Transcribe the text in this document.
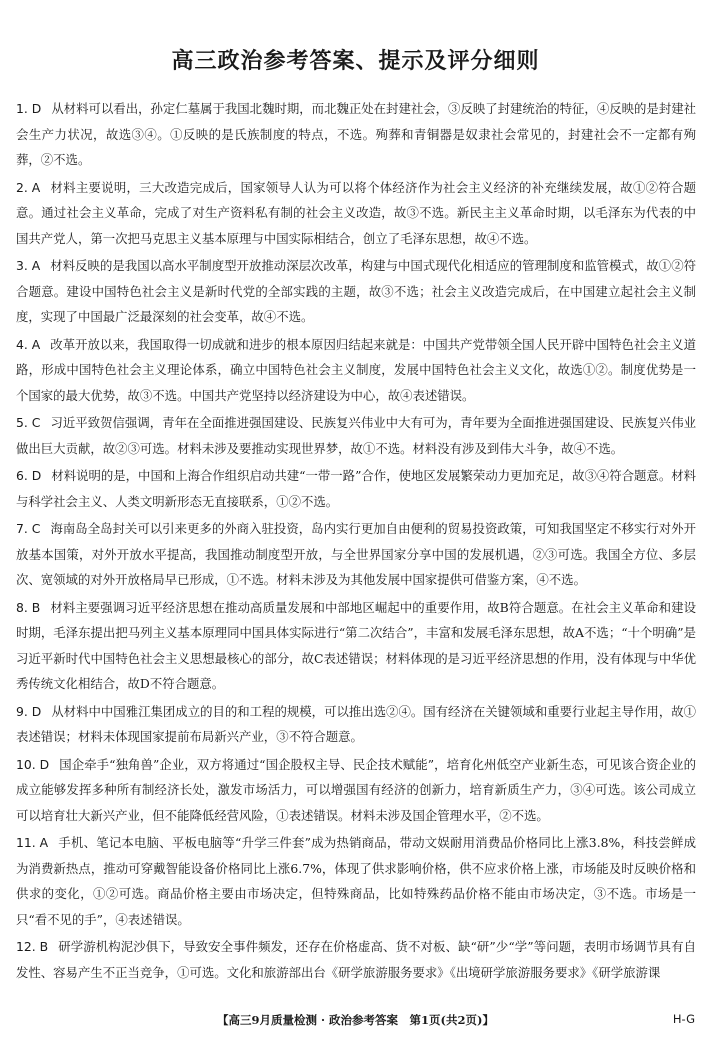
高三政治参考答案、提示及评分细则

1. D 从材料可以看出，孙定仁墓属于我国北魏时期，而北魏正处在封建社会，③反映了封建统治的特征，④反映的是封建社会生产力状况，故选③④。①反映的是氏族制度的特点，不选。殉葬和青铜器是奴隶社会常见的，封建社会不一定都有殉葬，②不选。

2. A 材料主要说明，三大改造完成后，国家领导人认为可以将个体经济作为社会主义经济的补充继续发展，故①②符合题意。通过社会主义革命，完成了对生产资料私有制的社会主义改造，故③不选。新民主主义革命时期，以毛泽东为代表的中国共产党人，第一次把马克思主义基本原理与中国实际相结合，创立了毛泽东思想，故④不选。

3. A 材料反映的是我国以高水平制度型开放推动深层次改革，构建与中国式现代化相适应的管理制度和监管模式，故①②符合题意。建设中国特色社会主义是新时代党的全部实践的主题，故③不选；社会主义改造完成后，在中国建立起社会主义制度，实现了中国最广泛最深刻的社会变革，故④不选。

4. A 改革开放以来，我国取得一切成就和进步的根本原因归结起来就是：中国共产党带领全国人民开辟中国特色社会主义道路，形成中国特色社会主义理论体系，确立中国特色社会主义制度，发展中国特色社会主义文化，故选①②。制度优势是一个国家的最大优势，故③不选。中国共产党坚持以经济建设为中心，故④表述错误。

5. C 习近平致贺信强调，青年在全面推进强国建设、民族复兴伟业中大有可为，青年要为全面推进强国建设、民族复兴伟业做出巨大贡献，故②③可选。材料未涉及要推动实现世界梦，故①不选。材料没有涉及到伟大斗争，故④不选。

6. D 材料说明的是，中国和上海合作组织启动共建“一带一路”合作，使地区发展繁荣动力更加充足，故③④符合题意。材料与科学社会主义、人类文明新形态无直接联系，①②不选。

7. C 海南岛全岛封关可以引来更多的外商入驻投资，岛内实行更加自由便利的贸易投资政策，可知我国坚定不移实行对外开放基本国策，对外开放水平提高，我国推动制度型开放，与全世界国家分享中国的发展机遇，②③可选。我国全方位、多层次、宽领域的对外开放格局早已形成，①不选。材料未涉及为其他发展中国家提供可借鉴方案，④不选。

8. B 材料主要强调习近平经济思想在推动高质量发展和中部地区崛起中的重要作用，故B符合题意。在社会主义革命和建设时期，毛泽东提出把马列主义基本原理同中国具体实际进行“第二次结合”，丰富和发展毛泽东思想，故A不选；“十个明确”是习近平新时代中国特色社会主义思想最核心的部分，故C表述错误；材料体现的是习近平经济思想的作用，没有体现与中华优秀传统文化相结合，故D不符合题意。

9. D 从材料中中国雅江集团成立的目的和工程的规模，可以推出选②④。国有经济在关键领域和重要行业起主导作用，故①表述错误；材料未体现国家提前布局新兴产业，③不符合题意。

10. D 国企牵手“独角兽”企业，双方将通过“国企股权主导、民企技术赋能”，培育化州低空产业新生态，可见该合资企业的成立能够发挥多种所有制经济长处，激发市场活力，可以增强国有经济的创新力，培育新质生产力，③④可选。该公司成立可以培育壮大新兴产业，但不能降低经营风险，①表述错误。材料未涉及国企管理水平，②不选。

11. A 手机、笔记本电脑、平板电脑等“升学三件套”成为热销商品，带动文娱耐用消费品价格同比上涨3.8%，科技尝鲜成为消费新热点，推动可穿戴智能设备价格同比上涨6.7%，体现了供求影响价格，供不应求价格上涨，市场能及时反映价格和供求的变化，①②可选。商品价格主要由市场决定，但特殊商品，比如特殊药品价格不能由市场决定，③不选。市场是一只“看不见的手”，④表述错误。

12. B 研学游机构泥沙俱下，导致安全事件频发，还存在价格虚高、货不对板、缺“研”少“学”等问题，表明市场调节具有自发性、容易产生不正当竞争，①可选。文化和旅游部出台《研学旅游服务要求》《出境研学旅游服务要求》《研学旅游课

【高三9月质量检测 · 政治参考答案　第1页(共2页)】	H-G
